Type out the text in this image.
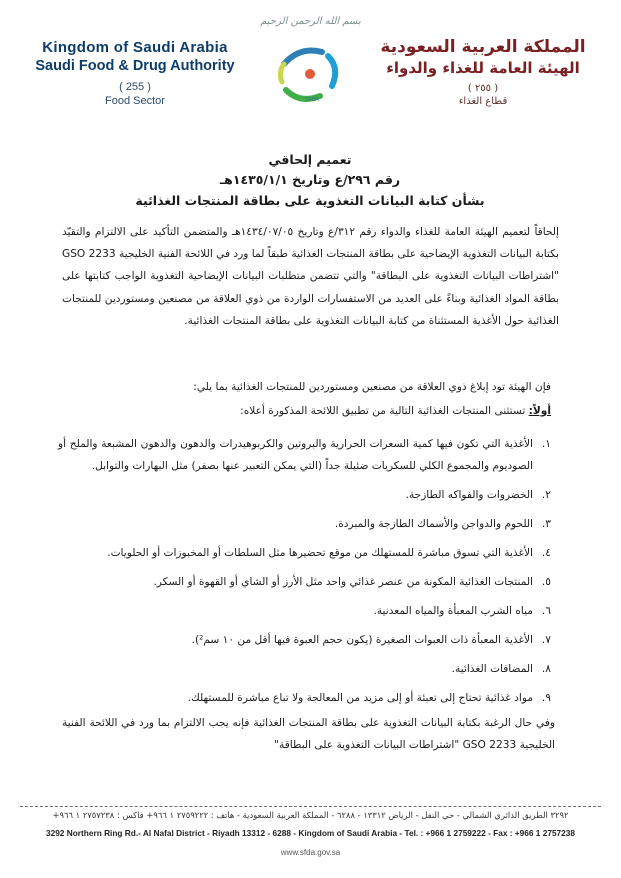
بسم الله الرحمن الرحيم
Kingdom of Saudi Arabia
Saudi Food & Drug Authority
( 255 )
Food Sector	SFDA
المملكة العربية السعودية
الهيئة العامة للغذاء والدواء
( ٢٥٥ )
قطاع الغذاء
تعميم إلحاقي
رقم ٢٩٦/ع وتاريخ ١٤٣٥/١/١هـ
بشأن كتابة البيانات التغذوية على بطاقة المنتجات الغذائية
إلحاقاً لتعميم الهيئة العامة للغذاء والدواء رقم ٣١٢/ع وتاريخ ١٤٣٤/٠٧/٠٥هـ والمتضمن التأكيد على الالتزام والتقيّد بكتابة البيانات التغذوية الإيضاحية على بطاقة المنتجات الغذائية طبقاً لما ورد في اللائحة الفنية الخليجية GSO 2233 "اشتراطات البيانات التغذوية على البطاقة" والتي تتضمن متطلبات البيانات الإيضاحية التغذوية الواجب كتابتها على بطاقة المواد الغذائية وبناءً على العديد من الاستفسارات الواردة من ذوي العلاقة من مصنعين ومستوردين للمنتجات الغذائية حول الأغذية المستثناة من كتابة البيانات التغذوية على بطاقة المنتجات الغذائية.
فإن الهيئة تود إبلاغ ذوي العلاقة من مصنعين ومستوردين للمنتجات الغذائية بما يلي:
أولاً: تستثنى المنتجات الغذائية التالية من تطبيق اللائحة المذكورة أعلاه:
١.
الأغذية التي تكون فيها كمية السعرات الحرارية والبروتين والكربوهيدرات والدهون والدهون المشبعة والملح أو الصوديوم والمجموع الكلي للسكريات ضئيلة جداً (التي يمكن التعبير عنها بصفر) مثل البهارات والتوابل.
٢.
الخضروات والفواكه الطازجة.
٣.
اللحوم والدواجن والأسماك الطازجة والمبردة.
٤.
الأغذية التي تسوق مباشرة للمستهلك من موقع تحضيرها مثل السلطات أو المخبوزات أو الحلويات.
٥.
المنتجات الغذائية المكونة من عنصر غذائي واحد مثل الأرز أو الشاي أو القهوة أو السكر.
٦.
مياه الشرب المعبأة والمياه المعدنية.
٧.
الأغذية المعبأة ذات العبوات الصغيرة (يكون حجم العبوة فيها أقل من ١٠ سم²).
٨.
المضافات الغذائية.
٩.
مواد غذائية تحتاج إلى تعبئة أو إلى مزيد من المعالجة ولا تباع مباشرة للمستهلك.
وفي حال الرغبة بكتابة البيانات التغذوية على بطاقة المنتجات الغذائية فإنه يجب الالتزام بما ورد في اللائحة الفنية الخليجية GSO 2233 "اشتراطات البيانات التغذوية على البطاقة"
٣٢٩٢ الطريق الدائري الشمالي - حي النفل - الرياض ١٣٣١٢ - ٦٢٨٨ - المملكة العربية السعودية - هاتف : ٢٧٥٩٢٢٢ ١ ٩٦٦+ فاكس : ٢٧٥٧٢٣٨ ١ ٩٦٦+
3292 Northern Ring Rd.- Al Nafal District - Riyadh 13312 - 6288 - Kingdom of Saudi Arabia - Tel. : +966 1 2759222 - Fax : +966 1 2757238
www.sfda.gov.sa
